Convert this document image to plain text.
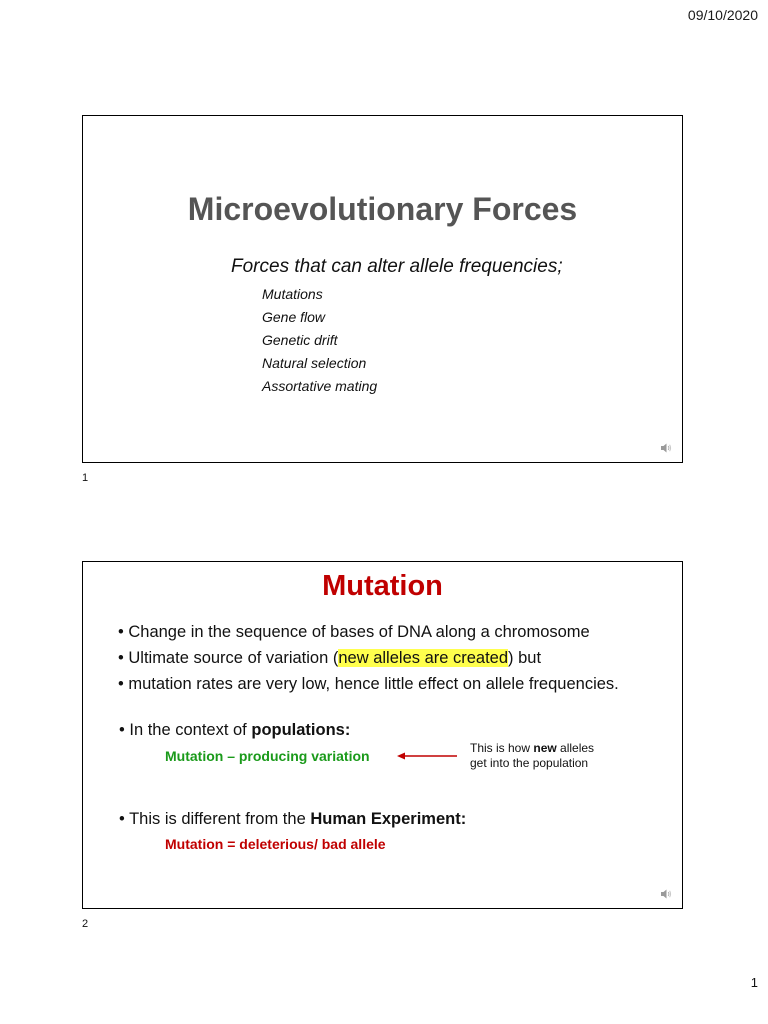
09/10/2020
Microevolutionary Forces
Forces that can alter allele frequencies;
Mutations
Gene flow
Genetic drift
Natural selection
Assortative mating
1
Mutation
• Change in the sequence of bases of DNA along a chromosome
• Ultimate source of variation (new alleles are created) but
• mutation rates are very low, hence little effect on allele frequencies.
• In the context of populations:
Mutation – producing variation	This is how new alleles
get into the population
• This is different from the Human Experiment:
Mutation = deleterious/ bad allele
2
1
